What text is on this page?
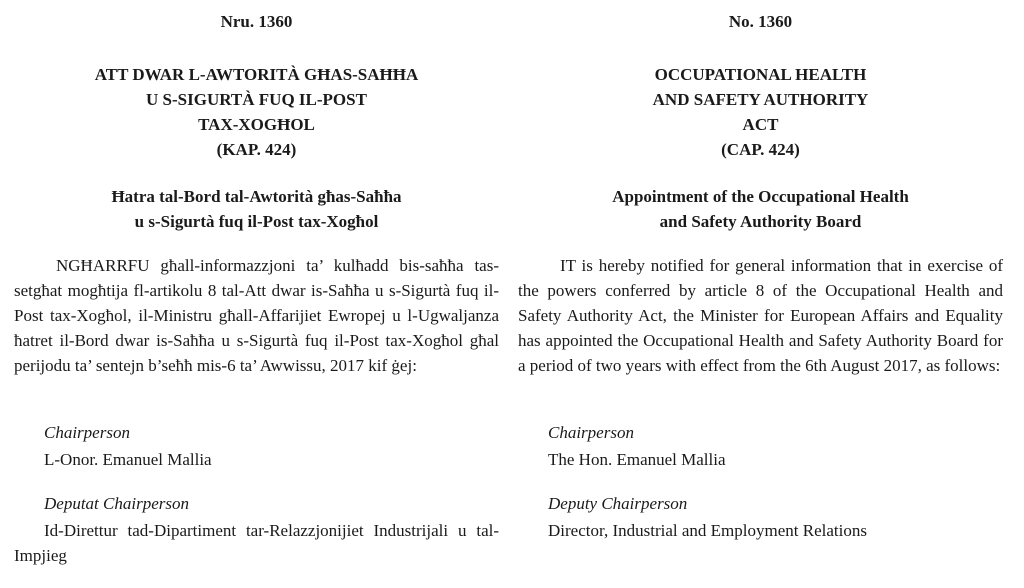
Nru. 1360
ATT DWAR L-AWTORITÀ GĦAS-SAĦĦA
U S-SIGURTÀ FUQ IL-POST
TAX-XOGĦOL
(KAP. 424)
Ħatra tal-Bord tal-Awtorità għas-Saħħa
u s-Sigurtà fuq il-Post tax-Xogħol

NGĦARRFU għall-informazzjoni ta’ kulħadd bis-saħħa tas-setgħat mogħtija fl-artikolu 8 tal-Att dwar is-Saħħa u s-Sigurtà fuq il-Post tax-Xogħol, il-Ministru għall-Affarijiet Ewropej u l-Ugwaljanza ħatret il-Bord dwar is-Saħħa u s-Sigurtà fuq il-Post tax-Xogħol għal perijodu ta’ sentejn b’seħħ mis-6 ta’ Awwissu, 2017 kif ġej:

Chairperson
L-Onor. Emanuel Mallia
Deputat Chairperson
Id-Direttur tad-Dipartiment tar-Relazzjonijiet Industrijali u tal-Impjieg
No. 1360
OCCUPATIONAL HEALTH
AND SAFETY AUTHORITY
ACT
(CAP. 424)
Appointment of the Occupational Health
and Safety Authority Board

IT is hereby notified for general information that in exercise of the powers conferred by article 8 of the Occupational Health and Safety Authority Act, the Minister for European Affairs and Equality has appointed the Occupational Health and Safety Authority Board for a period of two years with effect from the 6th August 2017, as follows:

Chairperson
The Hon. Emanuel Mallia
Deputy Chairperson
Director, Industrial and Employment Relations
